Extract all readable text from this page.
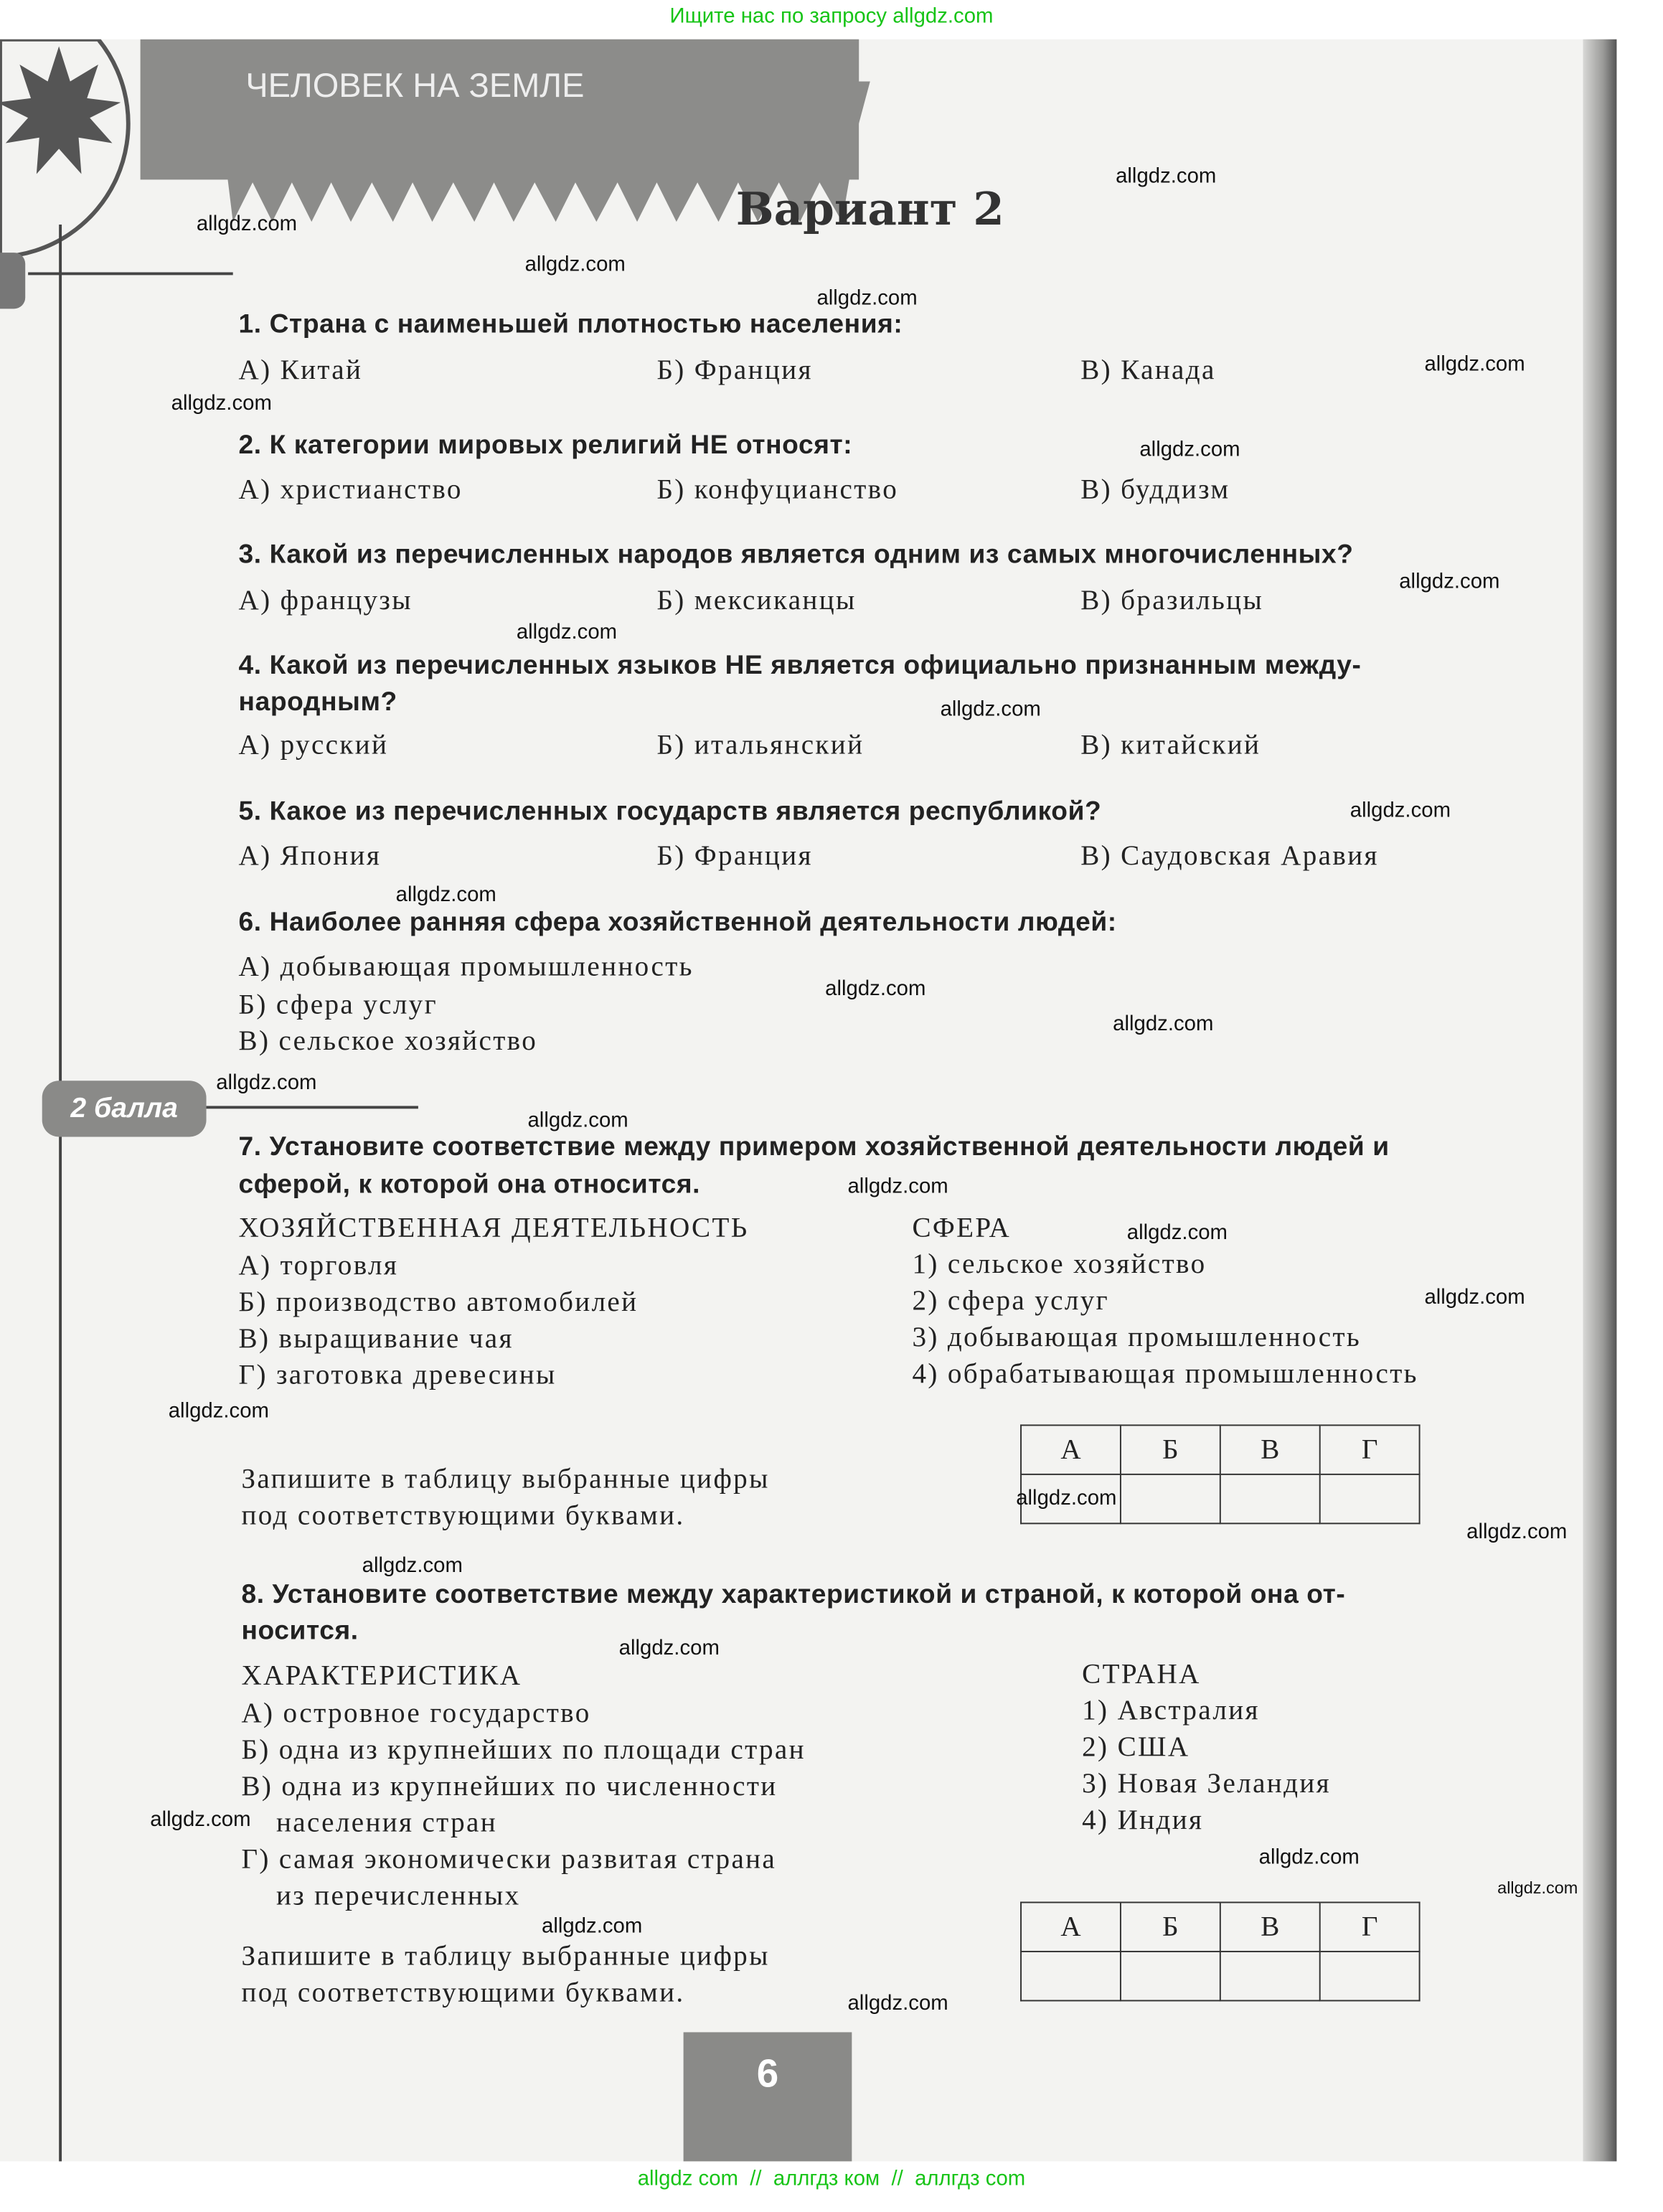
Ищите нас по запросу allgdz.com
ЧЕЛОВЕК НА ЗЕМЛЕ
Вариант 2
1. Страна с наименьшей плотностью населения:
А) Китай	Б) Франция	В) Канада
2. К категории мировых религий НЕ относят:
А) христианство	Б) конфуцианство	В) буддизм
3. Какой из перечисленных народов является одним из самых многочисленных?
А) французы	Б) мексиканцы	В) бразильцы
4. Какой из перечисленных языков НЕ является официально признанным между-
народным?
А) русский	Б) итальянский	В) китайский
5. Какое из перечисленных государств является республикой?
А) Япония	Б) Франция	В) Саудовская Аравия
6. Наиболее ранняя сфера хозяйственной деятельности людей:
А) добывающая промышленность
Б) сфера услуг
В) сельское хозяйство
2 балла
7. Установите соответствие между примером хозяйственной деятельности людей и
сферой, к которой она относится.
ХОЗЯЙСТВЕННАЯ ДЕЯТЕЛЬНОСТЬ
А) торговля
Б) производство автомобилей
В) выращивание чая
Г) заготовка древесины
СФЕРА
1) сельское хозяйство
2) сфера услуг
3) добывающая промышленность
4) обрабатывающая промышленность
А	Б	В	Г

Запишите в таблицу выбранные цифры
под соответствующими буквами.
8. Установите соответствие между характеристикой и страной, к которой она от-
носится.
ХАРАКТЕРИСТИКА
А) островное государство
Б) одна из крупнейших по площади стран
В) одна из крупнейших по численности
населения стран
Г) самая экономически развитая страна
из перечисленных
СТРАНА
1) Австралия
2) США
3) Новая Зеландия
4) Индия
А	Б	В	Г

Запишите в таблицу выбранные цифры
под соответствующими буквами.
6
allgdz com  //  аллгдз ком  //  аллгдз com
allgdz.com
allgdz.com
allgdz.com
allgdz.com
allgdz.com
allgdz.com
allgdz.com
allgdz.com
allgdz.com
allgdz.com
allgdz.com
allgdz.com
allgdz.com
allgdz.com
allgdz.com
allgdz.com
allgdz.com
allgdz.com
allgdz.com
allgdz.com
allgdz.com
allgdz.com
allgdz.com
allgdz.com
allgdz.com
allgdz.com
allgdz.com
allgdz.com
allgdz.com
